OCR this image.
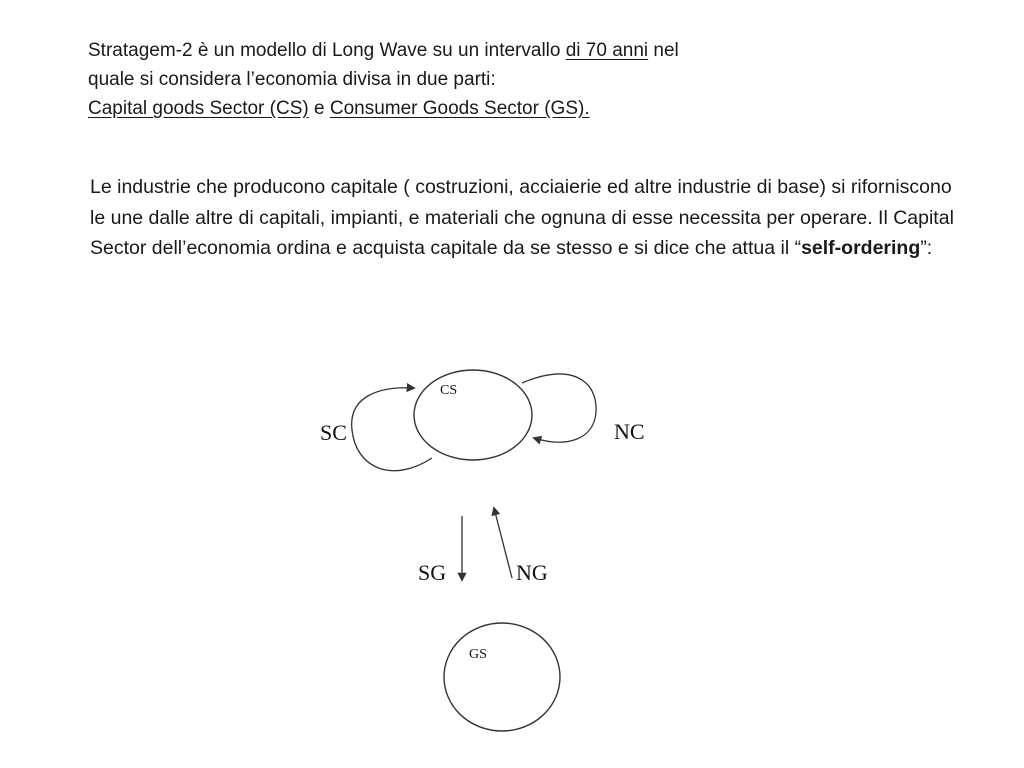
Stratagem-2 è un modello di Long Wave su un intervallo di 70 anni nel
quale si considera l’economia divisa in due parti:
Capital goods Sector (CS) e Consumer Goods Sector (GS).

Le industrie che producono capitale ( costruzioni, acciaierie ed altre industrie di base) si riforniscono le une dalle altre di capitali, impianti, e materiali che ognuna di esse necessita per operare. Il Capital Sector dell’economia ordina e acquista capitale da se stesso e si dice che attua il “self-ordering”:

CS
SC	NC
SG	NG
GS
